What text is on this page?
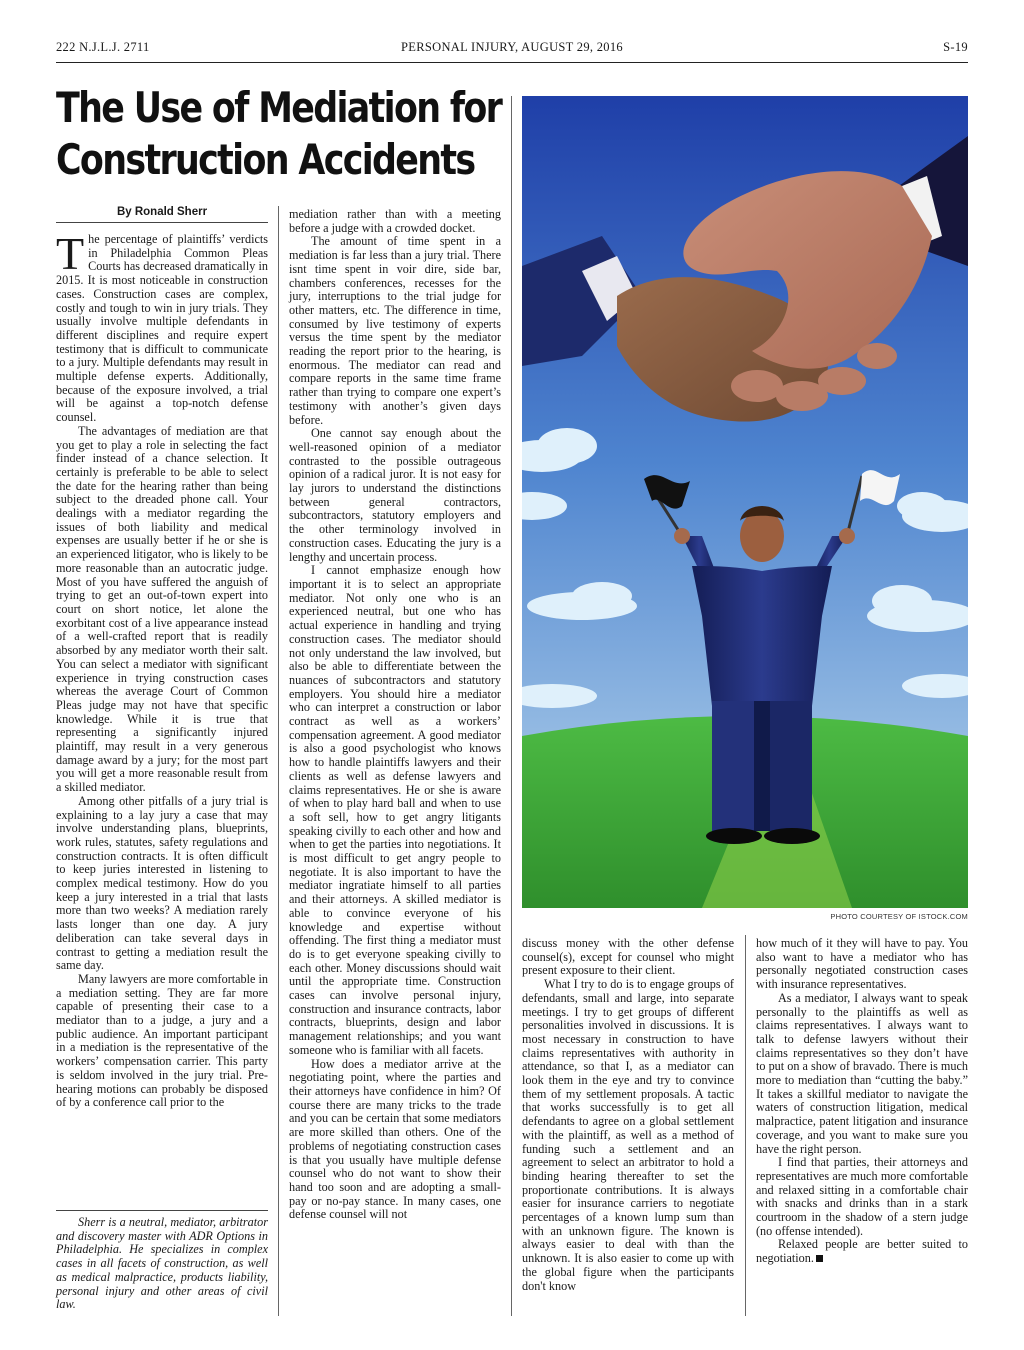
222 N.J.L.J. 2711	PERSONAL INJURY, AUGUST 29, 2016	S-19
The Use of Mediation for
Construction Accidents
By Ronald Sherr

The percentage of plaintiffs’ verdicts in Philadelphia Common Pleas Courts has decreased dramatically in 2015. It is most noticeable in construction cases. Construction cases are complex, costly and tough to win in jury trials. They usually involve multiple defendants in different disciplines and require expert testimony that is difficult to communicate to a jury. Multiple defendants may result in multiple defense experts. Additionally, because of the exposure involved, a trial will be against a top-notch defense counsel.

The advantages of mediation are that you get to play a role in selecting the fact finder instead of a chance selection. It certainly is preferable to be able to select the date for the hearing rather than being subject to the dreaded phone call. Your dealings with a mediator regarding the issues of both liability and medical expenses are usually better if he or she is an experienced litigator, who is likely to be more reasonable than an autocratic judge. Most of you have suffered the anguish of trying to get an out-of-town expert into court on short notice, let alone the exorbitant cost of a live appearance instead of a well-crafted report that is readily absorbed by any mediator worth their salt. You can select a mediator with significant experience in trying construction cases whereas the average Court of Common Pleas judge may not have that specific knowledge. While it is true that representing a significantly injured plaintiff, may result in a very generous damage award by a jury; for the most part you will get a more reasonable result from a skilled mediator.

Among other pitfalls of a jury trial is explaining to a lay jury a case that may involve understanding plans, blueprints, work rules, statutes, safety regulations and construction contracts. It is often difficult to keep juries interested in listening to complex medical testimony. How do you keep a jury interested in a trial that lasts more than two weeks? A mediation rarely lasts longer than one day. A jury deliberation can take several days in contrast to getting a mediation result the same day.

Many lawyers are more comfortable in a mediation setting. They are far more capable of presenting their case to a mediator than to a judge, a jury and a public audience. An important participant in a mediation is the representative of the workers’ compensation carrier. This party is seldom involved in the jury trial. Pre-hearing motions can probably be disposed of by a conference call prior to the

Sherr is a neutral, mediator, arbitrator and discovery master with ADR Options in Philadelphia. He specializes in complex cases in all facets of construction, as well as medical malpractice, products liability, personal injury and other areas of civil law.

mediation rather than with a meeting before a judge with a crowded docket.

The amount of time spent in a mediation is far less than a jury trial. There isnt time spent in voir dire, side bar, chambers conferences, recesses for the jury, interruptions to the trial judge for other matters, etc. The difference in time, consumed by live testimony of experts versus the time spent by the mediator reading the report prior to the hearing, is enormous. The mediator can read and compare reports in the same time frame rather than trying to compare one expert’s testimony with another’s given days before.

One cannot say enough about the well-reasoned opinion of a mediator contrasted to the possible outrageous opinion of a radical juror. It is not easy for lay jurors to understand the distinctions between general contractors, subcontractors, statutory employers and the other terminology involved in construction cases. Educating the jury is a lengthy and uncertain process.

I cannot emphasize enough how important it is to select an appropriate mediator. Not only one who is an experienced neutral, but one who has actual experience in handling and trying construction cases. The mediator should not only understand the law involved, but also be able to differentiate between the nuances of subcontractors and statutory employers. You should hire a mediator who can interpret a construction or labor contract as well as a workers’ compensation agreement. A good mediator is also a good psychologist who knows how to handle plaintiffs lawyers and their clients as well as defense lawyers and claims representatives. He or she is aware of when to play hard ball and when to use a soft sell, how to get angry litigants speaking civilly to each other and how and when to get the parties into negotiations. It is most difficult to get angry people to negotiate. It is also important to have the mediator ingratiate himself to all parties and their attorneys. A skilled mediator is able to convince everyone of his knowledge and expertise without offending. The first thing a mediator must do is to get everyone speaking civilly to each other. Money discussions should wait until the appropriate time. Construction cases can involve personal injury, construction and insurance contracts, labor contracts, blueprints, design and labor management relationships; and you want someone who is familiar with all facets.

How does a mediator arrive at the negotiating point, where the parties and their attorneys have confidence in him? Of course there are many tricks to the trade and you can be certain that some mediators are more skilled than others. One of the problems of negotiating construction cases is that you usually have multiple defense counsel who do not want to show their hand too soon and are adopting a small-pay or no-pay stance. In many cases, one defense counsel will not

PHOTO COURTESY OF ISTOCK.COM

discuss money with the other defense counsel(s), except for counsel who might present exposure to their client.

What I try to do is to engage groups of defendants, small and large, into separate meetings. I try to get groups of different personalities involved in discussions. It is most necessary in construction to have claims representatives with authority in attendance, so that I, as a mediator can look them in the eye and try to convince them of my settlement proposals. A tactic that works successfully is to get all defendants to agree on a global settlement with the plaintiff, as well as a method of funding such a settlement and an agreement to select an arbitrator to hold a binding hearing thereafter to set the proportionate contributions. It is always easier for insurance carriers to negotiate percentages of a known lump sum than with an unknown figure. The known is always easier to deal with than the unknown. It is also easier to come up with the global figure when the participants don't know

how much of it they will have to pay. You also want to have a mediator who has personally negotiated construction cases with insurance representatives.

As a mediator, I always want to speak personally to the plaintiffs as well as claims representatives. I always want to talk to defense lawyers without their claims representatives so they don’t have to put on a show of bravado. There is much more to mediation than “cutting the baby.” It takes a skillful mediator to navigate the waters of construction litigation, medical malpractice, patent litigation and insurance coverage, and you want to make sure you have the right person.

I find that parties, their attorneys and representatives are much more comfortable and relaxed sitting in a comfortable chair with snacks and drinks than in a stark courtroom in the shadow of a stern judge (no offense intended).

Relaxed people are better suited to negotiation.
